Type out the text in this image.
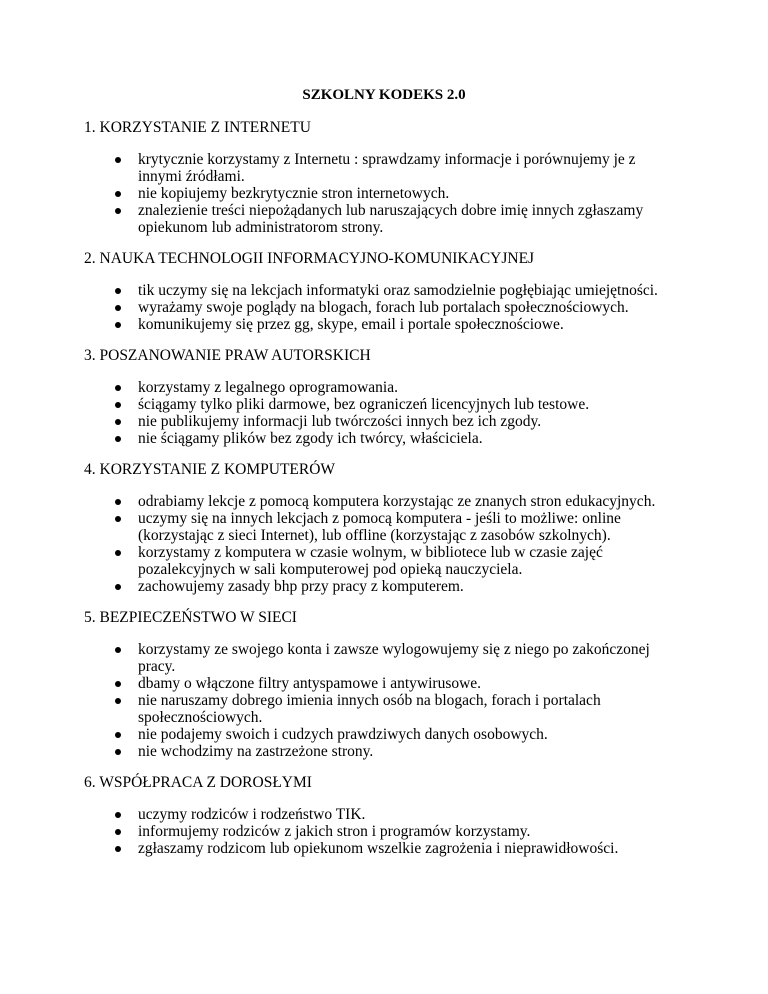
SZKOLNY KODEKS 2.0
1. KORZYSTANIE Z INTERNETU
krytycznie korzystamy z Internetu : sprawdzamy informacje i porównujemy je z innymi źródłami.
nie kopiujemy bezkrytycznie stron internetowych.
znalezienie treści niepożądanych lub naruszających dobre imię innych zgłaszamy opiekunom lub administratorom strony.
2. NAUKA TECHNOLOGII INFORMACYJNO-KOMUNIKACYJNEJ
tik uczymy się na lekcjach informatyki oraz samodzielnie pogłębiając umiejętności.
wyrażamy swoje poglądy na blogach, forach lub portalach społecznościowych.
komunikujemy się przez gg, skype, email i portale społecznościowe.
3. POSZANOWANIE PRAW AUTORSKICH
korzystamy z legalnego oprogramowania.
ściągamy tylko pliki darmowe, bez ograniczeń licencyjnych lub testowe.
nie publikujemy informacji lub twórczości innych bez ich zgody.
nie ściągamy plików bez zgody ich twórcy, właściciela.
4. KORZYSTANIE Z KOMPUTERÓW
odrabiamy lekcje z pomocą komputera korzystając ze znanych stron edukacyjnych.
uczymy się na innych lekcjach z pomocą komputera - jeśli to możliwe: online (korzystając z sieci Internet), lub offline (korzystając z zasobów szkolnych).
korzystamy z komputera w czasie wolnym, w bibliotece lub w czasie zajęć pozalekcyjnych w sali komputerowej pod opieką nauczyciela.
zachowujemy zasady bhp przy pracy z komputerem.
5. BEZPIECZEŃSTWO W SIECI
korzystamy ze swojego konta i zawsze wylogowujemy się z niego po zakończonej pracy.
dbamy o włączone filtry antyspamowe i antywirusowe.
nie naruszamy dobrego imienia innych osób na blogach, forach i portalach społecznościowych.
nie podajemy swoich i cudzych prawdziwych danych osobowych.
nie wchodzimy na zastrzeżone strony.
6. WSPÓŁPRACA Z DOROSŁYMI
uczymy rodziców i rodzeństwo TIK.
informujemy rodziców z jakich stron i programów korzystamy.
zgłaszamy rodzicom lub opiekunom wszelkie zagrożenia i nieprawidłowości.
